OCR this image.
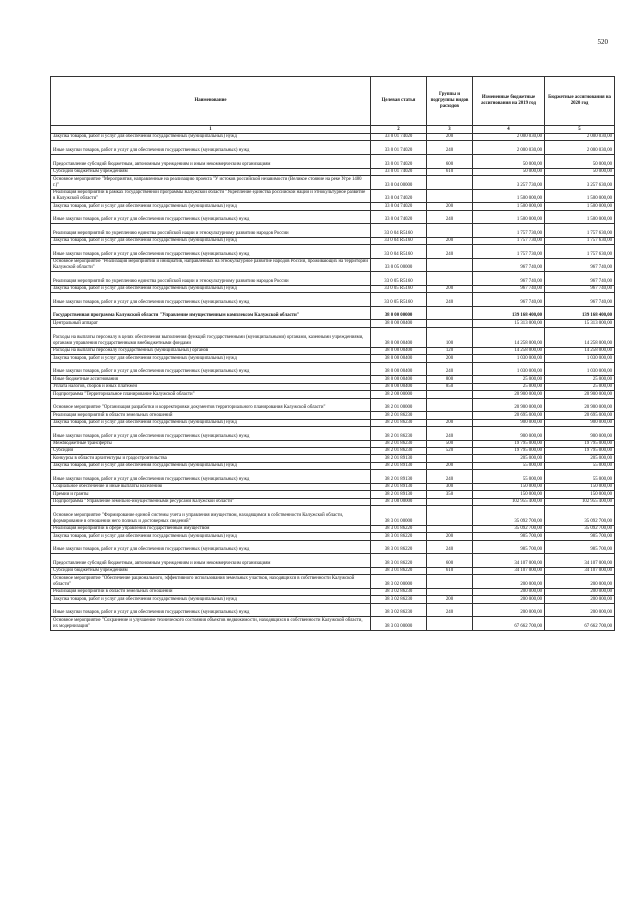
520
Наименование	Целевая статья	Группы и подгруппы видов расходов	Измененные бюджетные ассигнования на 2019 год	Бюджетные ассигнования на 2020 год
1	2	3	4	5
Закупка товаров, работ и услуг для обеспечения государственных (муниципальных) нужд	33 0 01 74020	200	2 000 030,00	2 000 030,00
Иные закупки товаров, работ и услуг для обеспечения государственных (муниципальных) нужд	33 0 01 74020	240	2 000 030,00	2 000 030,00
Предоставление субсидий бюджетным, автономным учреждениям и иным некоммерческим организациям	33 0 01 74020	600	50 000,00	50 000,00
Субсидии бюджетным учреждениям	33 0 01 74020	610	50 000,00	50 000,00
Основное мероприятие "Мероприятия, направленные на реализацию проекта "У истоков российской незавимости (Великое стояние на реке Угре 1480 г.)"	33 0 04 00000		3 257 730,00	3 257 630,00
Реализация мероприятий в рамках государственной программы Калужской области "Укрепление единства российской нации и этнокультурное развитие в Калужской области"	33 0 04 74020		1 500 000,00	1 500 000,00
Закупка товаров, работ и услуг для обеспечения государственных (муниципальных) нужд	33 0 04 74020	200	1 500 000,00	1 500 000,00
Иные закупки товаров, работ и услуг для обеспечения государственных (муниципальных) нужд	33 0 04 74020	240	1 500 000,00	1 500 000,00
Реализация мероприятий по укреплению единства российской нации и этнокультурному развитию народов России	33 0 04 R5160		1 757 730,00	1 757 630,00
Закупка товаров, работ и услуг для обеспечения государственных (муниципальных) нужд	33 0 04 R5160	200	1 757 730,00	1 757 630,00
Иные закупки товаров, работ и услуг для обеспечения государственных (муниципальных) нужд	33 0 04 R5160	240	1 757 730,00	1 757 630,00
Основное мероприятие "Реализация мероприятий и инициатив, направленных на этнокультурное развитие народов России, проживающих на территории Калужской области"	33 0 05 00000		967 740,00	967 740,00
Реализация мероприятий по укреплению единства российской нации и этнокультурному развитию народов России	33 0 05 R5160		967 740,00	967 740,00
Закупка товаров, работ и услуг для обеспечения государственных (муниципальных) нужд	33 0 05 R5160	200	967 740,00	967 740,00
Иные закупки товаров, работ и услуг для обеспечения государственных (муниципальных) нужд	33 0 05 R5160	240	967 740,00	967 740,00
Государственная программа Калужской области "Управление имущественным комплексом Калужской области"	38 0 00 00000		139 168 400,00	139 168 400,00
Центральный аппарат	38 0 00 00400		15 313 000,00	15 313 000,00
Расходы на выплаты персоналу в целях обеспечения выполнения функций государственными (муниципальными) органами, казенными учреждениями, органами управления государственными внебюджетными фондами	38 0 00 00400	100	14 258 000,00	14 258 000,00
Расходы на выплаты персоналу государственных (муниципальных) органов	38 0 00 00400	120	14 258 000,00	14 258 000,00
Закупка товаров, работ и услуг для обеспечения государственных (муниципальных) нужд	38 0 00 00400	200	1 030 000,00	1 030 000,00
Иные закупки товаров, работ и услуг для обеспечения государственных (муниципальных) нужд	38 0 00 00400	240	1 030 000,00	1 030 000,00
Иные бюджетные ассигнования	38 0 00 00400	800	25 000,00	25 000,00
Уплата налогов, сборов и иных платежей	38 0 00 00400	850	25 000,00	25 000,00
Подпрограмма "Территориальное планирование Калужской области"	38 2 00 00000		20 900 000,00	20 900 000,00
Основное мероприятие "Организация разработки и корректировки документов территориального планирования Калужской области"	38 2 01 00000		20 900 000,00	20 900 000,00
Реализация мероприятий в области земельных отношений	38 2 01 86230		20 695 000,00	20 695 000,00
Закупка товаров, работ и услуг для обеспечения государственных (муниципальных) нужд	38 2 01 86230	200	900 000,00	900 000,00
Иные закупки товаров, работ и услуг для обеспечения государственных (муниципальных) нужд	38 2 01 86230	240	900 000,00	900 000,00
Межбюджетные трансферты	38 2 01 86230	500	19 795 000,00	19 795 000,00
Субсидии	38 2 01 86230	520	19 795 000,00	19 795 000,00
Конкурсы в области архитектуры и градостроительства	38 2 01 89130		205 000,00	205 000,00
Закупка товаров, работ и услуг для обеспечения государственных (муниципальных) нужд	38 2 01 89130	200	55 000,00	55 000,00
Иные закупки товаров, работ и услуг для обеспечения государственных (муниципальных) нужд	38 2 01 89130	240	55 000,00	55 000,00
Социальное обеспечение и иные выплаты населению	38 2 01 89130	300	150 000,00	150 000,00
Премии и гранты	38 2 01 89130	350	150 000,00	150 000,00
Подпрограмма "Управление земельно-имущественными ресурсами Калужской области"	38 3 00 00000		102 955 400,00	102 955 400,00
Основное мероприятие "Формирование единой системы учета и управления имуществом, находящимся в собственности Калужской области, формирование в отношении него полных и достоверных сведений"	38 3 01 00000		35 092 700,00	35 092 700,00
Реализация мероприятий в сфере управления государственным имуществом	38 3 01 86220		35 092 700,00	35 092 700,00
Закупка товаров, работ и услуг для обеспечения государственных (муниципальных) нужд	38 3 01 86220	200	985 700,00	985 700,00
Иные закупки товаров, работ и услуг для обеспечения государственных (муниципальных) нужд	38 3 01 86220	240	985 700,00	985 700,00
Предоставление субсидий бюджетным, автономным учреждениям и иным некоммерческим организациям	38 3 01 86220	600	34 107 000,00	34 107 000,00
Субсидии бюджетным учреждениям	38 3 01 86220	610	34 107 000,00	34 107 000,00
Основное мероприятие "Обеспечение рационального, эффективного использования земельных участков, находящихся в собственности Калужской области"	38 3 02 00000		200 000,00	200 000,00
Реализация мероприятий в области земельных отношений	38 3 02 86230		200 000,00	200 000,00
Закупка товаров, работ и услуг для обеспечения государственных (муниципальных) нужд	38 3 02 86230	200	200 000,00	200 000,00
Иные закупки товаров, работ и услуг для обеспечения государственных (муниципальных) нужд	38 3 02 86230	240	200 000,00	200 000,00
Основное мероприятие "Сохранение и улучшение технического состояния объектов недвижимости, находящихся в собственности Калужской области, их модернизация"	38 3 03 00000		67 662 700,00	67 662 700,00
